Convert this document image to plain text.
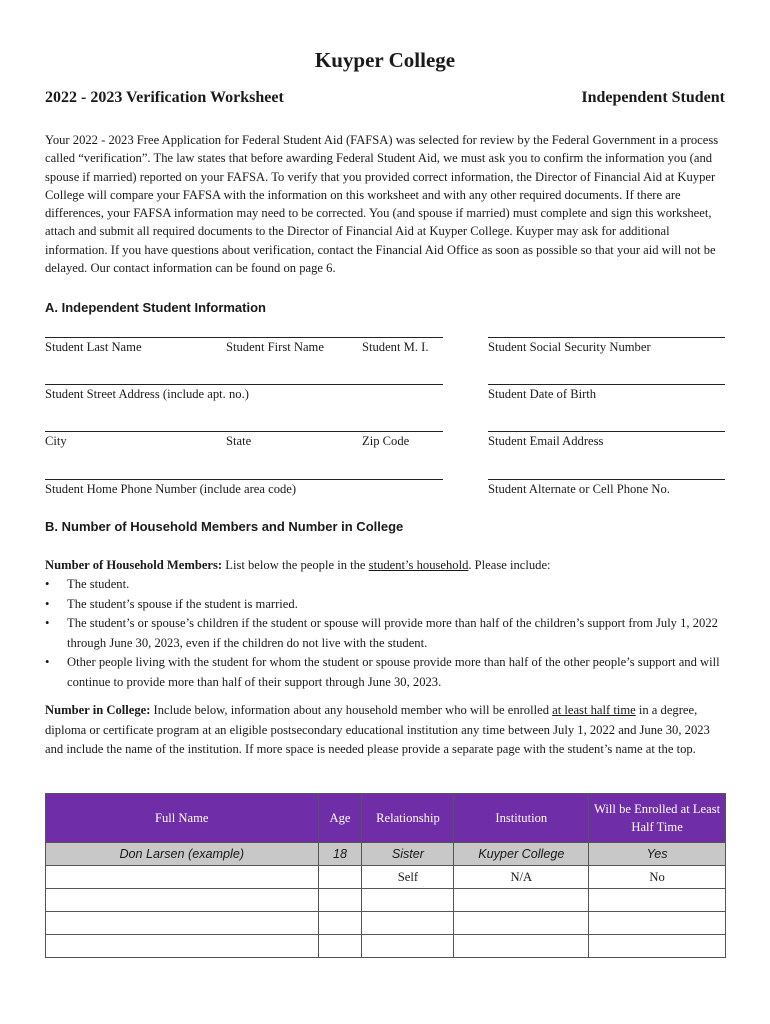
Kuyper College
2022 - 2023 Verification Worksheet	Independent Student
Your 2022 - 2023 Free Application for Federal Student Aid (FAFSA) was selected for review by the Federal Government in a process called “verification”. The law states that before awarding Federal Student Aid, we must ask you to confirm the information you (and spouse if married) reported on your FAFSA. To verify that you provided correct information, the Director of Financial Aid at Kuyper College will compare your FAFSA with the information on this worksheet and with any other required documents. If there are differences, your FAFSA information may need to be corrected. You (and spouse if married) must complete and sign this worksheet, attach and submit all required documents to the Director of Financial Aid at Kuyper College. Kuyper may ask for additional information. If you have questions about verification, contact the Financial Aid Office as soon as possible so that your aid will not be delayed. Our contact information can be found on page 6.
A. Independent Student Information
Student Last Name	Student First Name	Student M. I.	Student Social Security Number
Student Street Address (include apt. no.)	Student Date of Birth
City	State	Zip Code	Student Email Address
Student Home Phone Number (include area code)	Student Alternate or Cell Phone No.
B. Number of Household Members and Number in College
Number of Household Members: List below the people in the student’s household. Please include:
• The student.
• The student’s spouse if the student is married.
• The student’s or spouse’s children if the student or spouse will provide more than half of the children’s support from July 1, 2022 through June 30, 2023, even if the children do not live with the student.
• Other people living with the student for whom the student or spouse provide more than half of the other people’s support and will continue to provide more than half of their support through June 30, 2023.
Number in College: Include below, information about any household member who will be enrolled at least half time in a degree, diploma or certificate program at an eligible postsecondary educational institution any time between July 1, 2022 and June 30, 2023 and include the name of the institution. If more space is needed please provide a separate page with the student’s name at the top.
Full Name	Age	Relationship	Institution	Will be Enrolled at Least Half Time
Don Larsen (example)	18	Sister	Kuyper College	Yes
		Self	N/A	No
